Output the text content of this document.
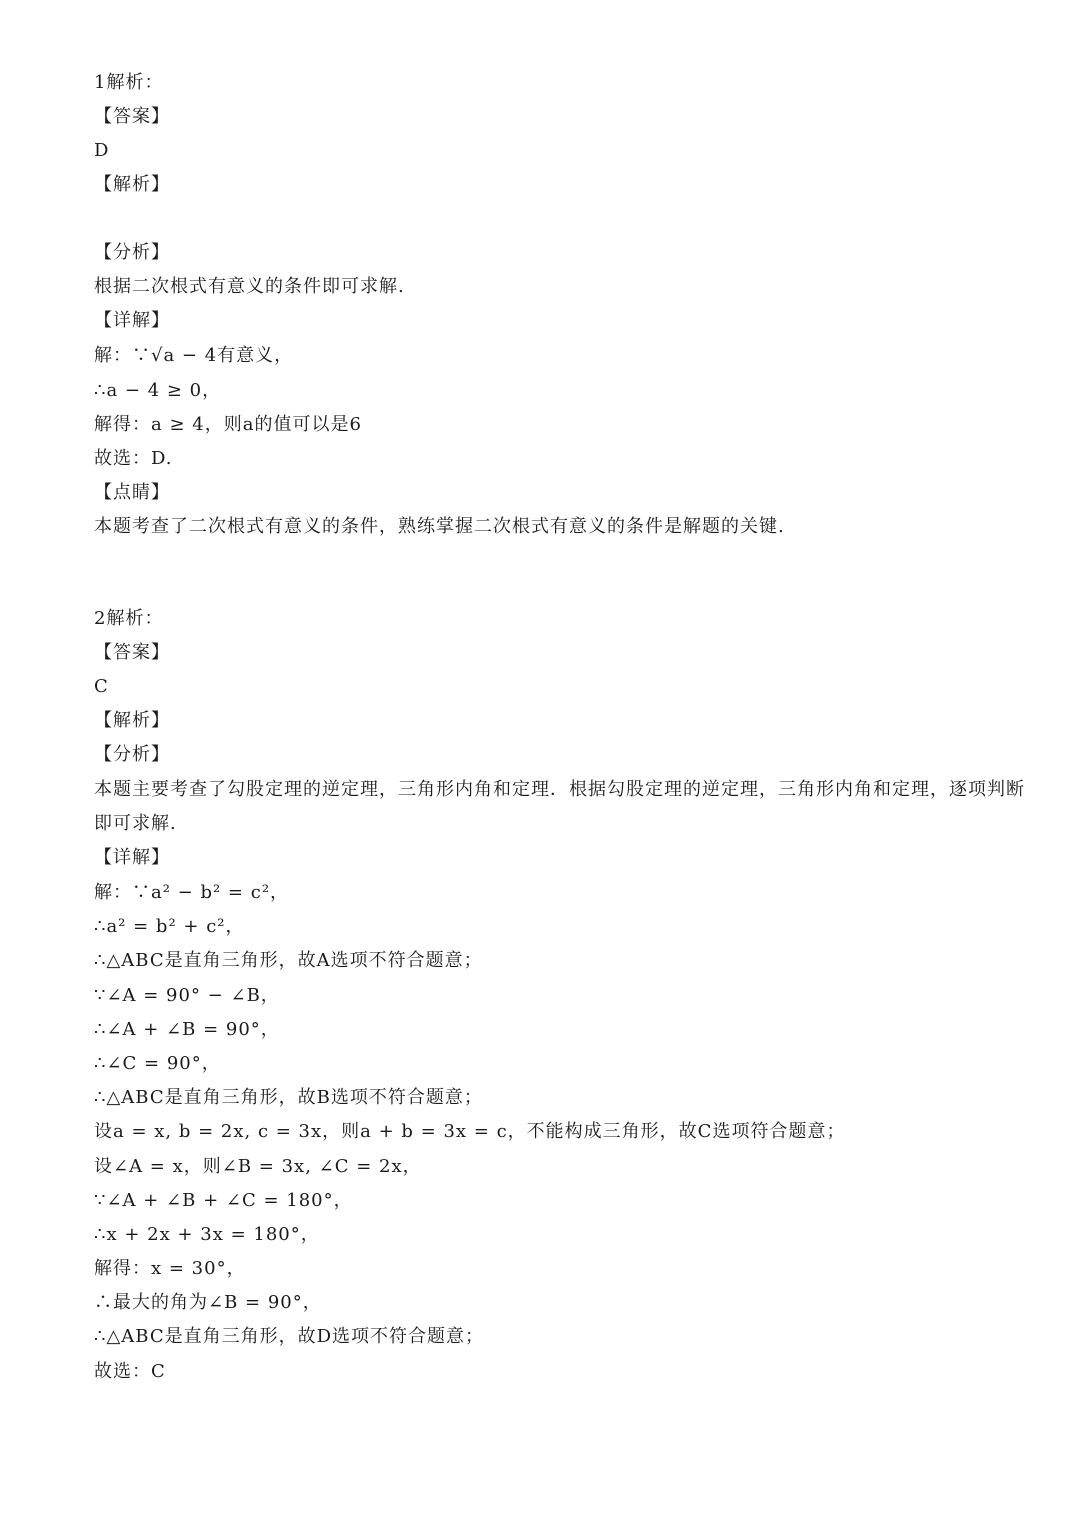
1解析：
【答案】
D
【解析】
【分析】
根据二次根式有意义的条件即可求解.
【详解】
解：∵√a − 4有意义，
∴a − 4 ≥ 0，
解得：a ≥ 4，则a的值可以是6
故选：D.
【点睛】
本题考查了二次根式有意义的条件，熟练掌握二次根式有意义的条件是解题的关键.
2解析：
【答案】
C
【解析】
【分析】
本题主要考查了勾股定理的逆定理，三角形内角和定理．根据勾股定理的逆定理，三角形内角和定理，逐项判断即可求解.
【详解】
解：∵a² − b² = c²，
∴a² = b² + c²，
∴△ABC是直角三角形，故A选项不符合题意；
∵∠A = 90° − ∠B，
∴∠A + ∠B = 90°，
∴∠C = 90°，
∴△ABC是直角三角形，故B选项不符合题意；
设a = x, b = 2x, c = 3x，则a + b = 3x = c，不能构成三角形，故C选项符合题意；
设∠A = x，则∠B = 3x, ∠C = 2x，
∵∠A + ∠B + ∠C = 180°，
∴x + 2x + 3x = 180°，
解得：x = 30°，
∴最大的角为∠B = 90°，
∴△ABC是直角三角形，故D选项不符合题意；
故选：C
